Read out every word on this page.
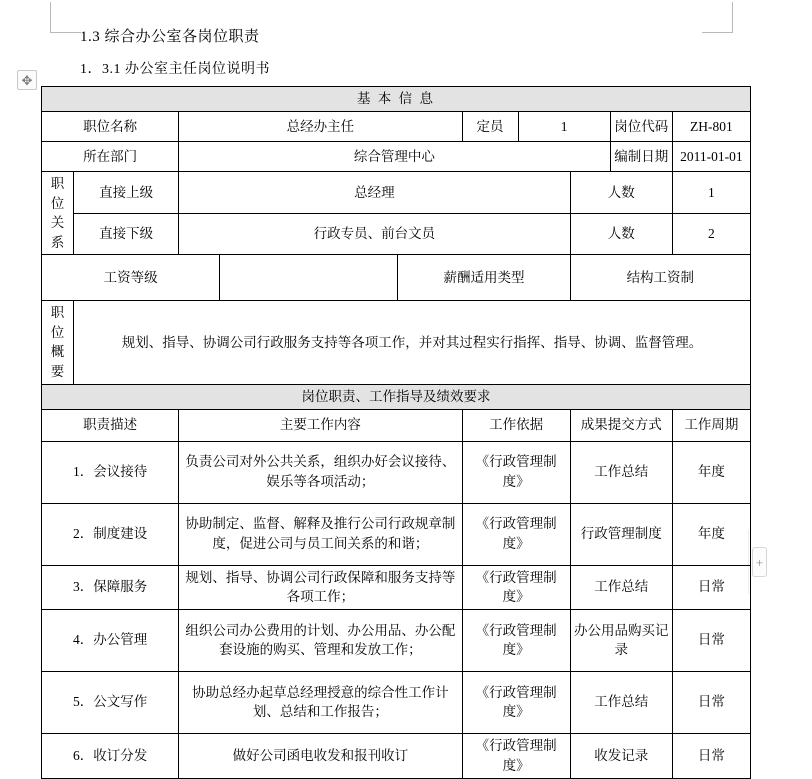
1.3 综合办公室各岗位职责
1．3.1 办公室主任岗位说明书
✥
+
基 本 信 息									
职位名称		总经办主任			定员	1		岗位代码	ZH-801
所在部门		综合管理中心						编制日期	2011-01-01

职
位
关
系	直接上级	总经理					人数		1
	直接下级	行政专员、前台文员					人数		2
工资等级				薪酬适用类型			结构工资制		

职
位
概
要	规划、指导、协调公司行政服务支持等各项工作，并对其过程实行指挥、指导、协调、监督管理。								
岗位职责、工作指导及绩效要求									
职责描述		主要工作内容			工作依据		成果提交方式		工作周期
1．会议接待		负责公司对外公共关系，组织办好会议接待、娱乐等各项活动；			《行政管理制度》		工作总结		年度
2．制度建设		协助制定、监督、解释及推行公司行政规章制度，促进公司与员工间关系的和谐；			《行政管理制度》		行政管理制度		年度
3．保障服务		规划、指导、协调公司行政保障和服务支持等各项工作；			《行政管理制度》		工作总结		日常
4．办公管理		组织公司办公费用的计划、办公用品、办公配套设施的购买、管理和发放工作；			《行政管理制度》		办公用品购买记录		日常
5．公文写作		协助总经办起草总经理授意的综合性工作计划、总结和工作报告；			《行政管理制度》		工作总结		日常
6．收订分发		做好公司函电收发和报刊收订			《行政管理制度》		收发记录		日常
